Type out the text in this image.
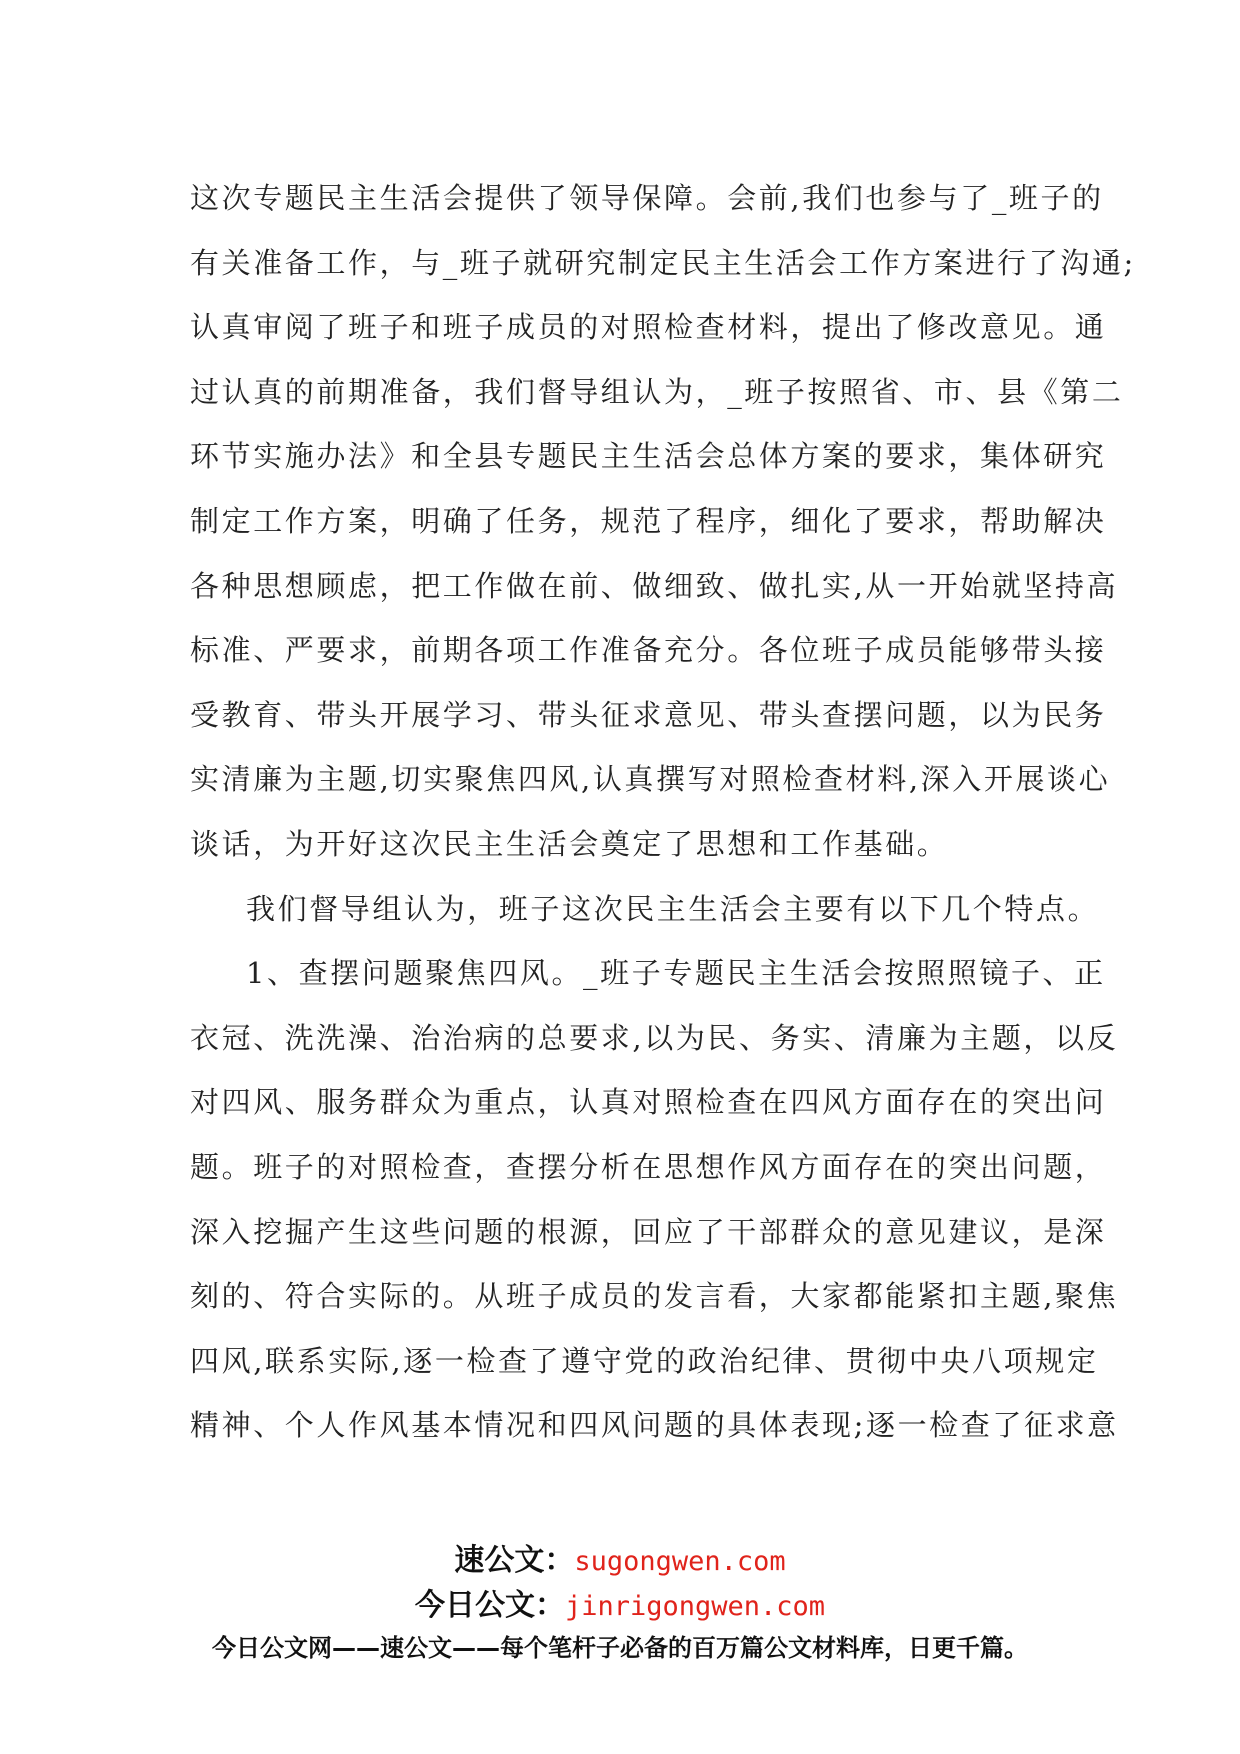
这次专题民主生活会提供了领导保障。会前,我们也参与了_班子的
有关准备工作，与_班子就研究制定民主生活会工作方案进行了沟通;
认真审阅了班子和班子成员的对照检查材料，提出了修改意见。通
过认真的前期准备，我们督导组认为，_班子按照省、市、县《第二
环节实施办法》和全县专题民主生活会总体方案的要求，集体研究
制定工作方案，明确了任务，规范了程序，细化了要求，帮助解决
各种思想顾虑，把工作做在前、做细致、做扎实,从一开始就坚持高
标准、严要求，前期各项工作准备充分。各位班子成员能够带头接
受教育、带头开展学习、带头征求意见、带头查摆问题，以为民务
实清廉为主题,切实聚焦四风,认真撰写对照检查材料,深入开展谈心
谈话，为开好这次民主生活会奠定了思想和工作基础。
我们督导组认为，班子这次民主生活会主要有以下几个特点。
1、查摆问题聚焦四风。_班子专题民主生活会按照照镜子、正
衣冠、洗洗澡、治治病的总要求,以为民、务实、清廉为主题，以反
对四风、服务群众为重点，认真对照检查在四风方面存在的突出问
题。班子的对照检查，查摆分析在思想作风方面存在的突出问题，
深入挖掘产生这些问题的根源，回应了干部群众的意见建议，是深
刻的、符合实际的。从班子成员的发言看，大家都能紧扣主题,聚焦
四风,联系实际,逐一检查了遵守党的政治纪律、贯彻中央八项规定
精神、个人作风基本情况和四风问题的具体表现;逐一检查了征求意
速公文：sugongwen.com
今日公文：jinrigongwen.com
今日公文网——速公文——每个笔杆子必备的百万篇公文材料库，日更千篇。
